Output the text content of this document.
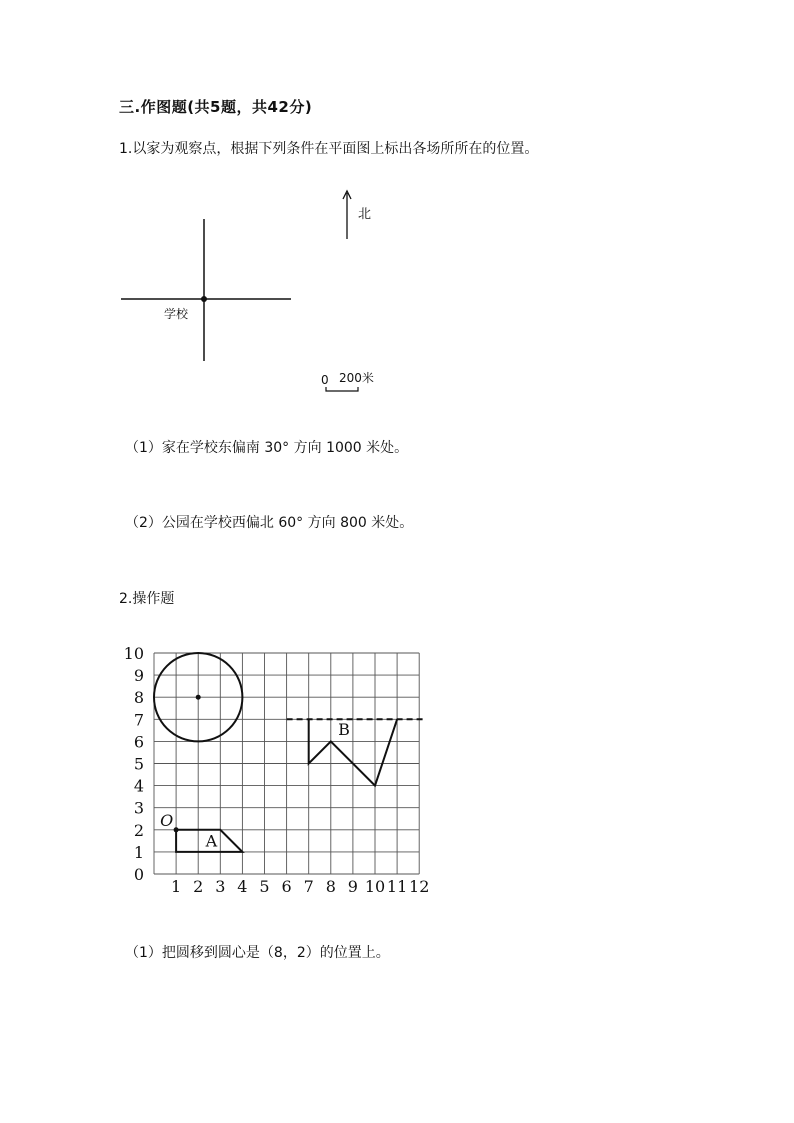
三.作图题(共5题，共42分)
1.以家为观察点，根据下列条件在平面图上标出各场所所在的位置。
学校
北
0 200米
（1）家在学校东偏南 30° 方向 1000 米处。
（2）公园在学校西偏北 60° 方向 800 米处。
2.操作题
1 2 3 4 5 6 7 8 9 10 11 12
0
1
2
3
4
5
6
7
8
9
10
A
O
B
（1）把圆移到圆心是（8，2）的位置上。
